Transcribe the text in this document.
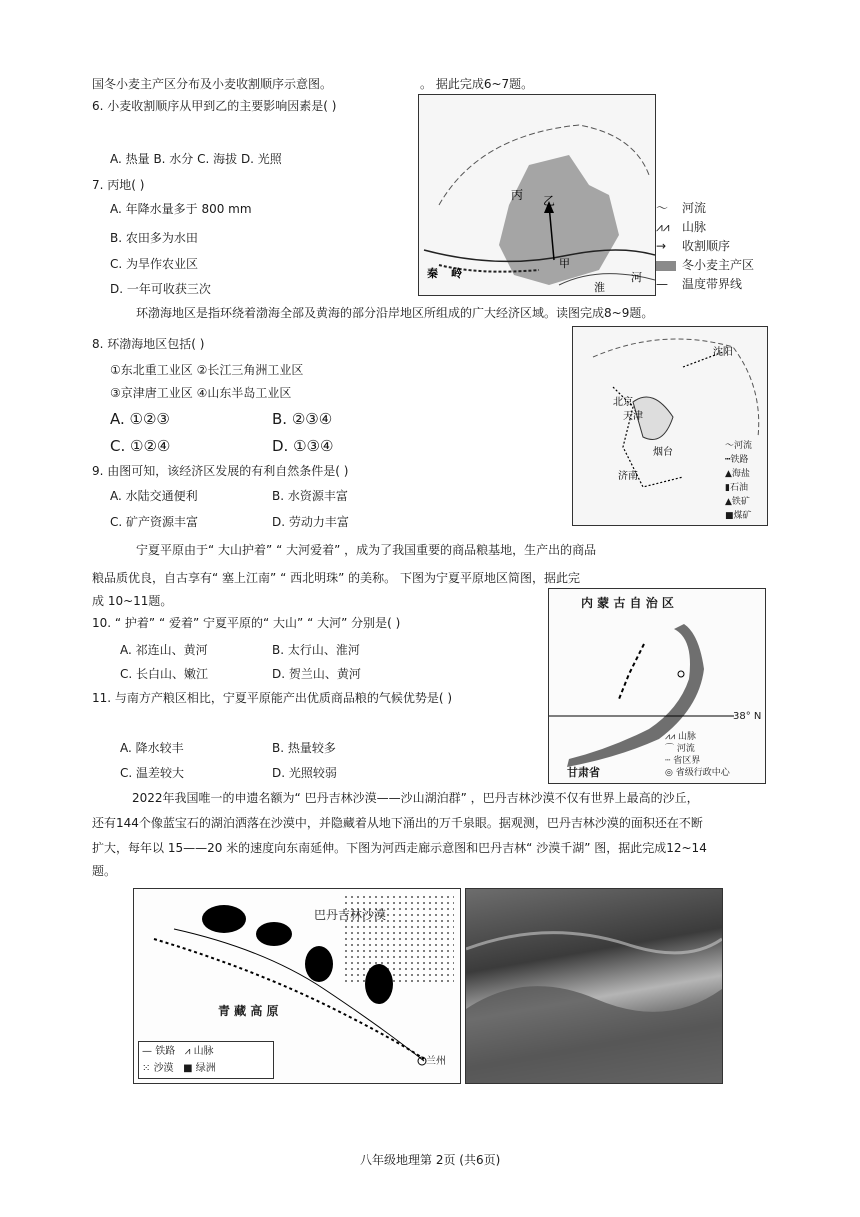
国冬小麦主产区分布及小麦收割顺序示意图。	。 据此完成6~7题。
6. 小麦收割顺序从甲到乙的主要影响因素是( )
A. 热量 B. 水分 C. 海拔 D. 光照
7. 丙地( )
A. 年降水量多于 800 mm
B. 农田多为水田
C. 为旱作农业区
D. 一年可收获三次
丙 乙
甲
秦 岭
淮
河
～ 河流
⩘⩘ 山脉
→ 收割顺序
冬小麦主产区
— 温度带界线
环渤海地区是指环绕着渤海全部及黄海的部分沿岸地区所组成的广大经济区域。读图完成8~9题。
8. 环渤海地区包括( )
①东北重工业区 ②长江三角洲工业区
③京津唐工业区 ④山东半岛工业区
A. ①②③	B. ②③④
C. ①②④	D. ①③④
沈阳
北京
天津
烟台
济南
～河流
┅铁路
▲海盐
▮石油
▲铁矿
■煤矿
9. 由图可知，该经济区发展的有利自然条件是( )
A. 水陆交通便利	B. 水资源丰富
C. 矿产资源丰富	D. 劳动力丰富
宁夏平原由于“ 大山护着” “ 大河爱着” ，成为了我国重要的商品粮基地，生产出的商品
粮品质优良，自古享有“ 塞上江南” “ 西北明珠” 的美称。 下图为宁夏平原地区简图，据此完
成 10~11题。
10. “ 护着” “ 爱着” 宁夏平原的“ 大山” “ 大河” 分别是( )
A. 祁连山、黄河	B. 太行山、淮河
C. 长白山、嫩江	D. 贺兰山、黄河
11. 与南方产粮区相比，宁夏平原能产出优质商品粮的气候优势是( )
A. 降水较丰	B. 热量较多
C. 温差较大	D. 光照较弱
内 蒙 古 自 治 区
38° N
甘肃省
⩘⩘ 山脉
⌒ 河流
┄ 省区界
◎ 省级行政中心
2022年我国唯一的申遗名额为“ 巴丹吉林沙漠——沙山湖泊群” ，巴丹吉林沙漠不仅有世界上最高的沙丘，
还有144个像蓝宝石的湖泊洒落在沙漠中，并隐藏着从地下涌出的万千泉眼。据观测，巴丹吉林沙漠的面积还在不断
扩大，每年以 15——20 米的速度向东南延伸。下图为河西走廊示意图和巴丹吉林“ 沙漠千湖” 图，据此完成12~14
题。
巴丹吉林沙漠
青 藏 高 原
兰州
— 铁路 ⩘ 山脉
⁙ 沙漠 ■ 绿洲
八年级地理第 2页 (共6页)
